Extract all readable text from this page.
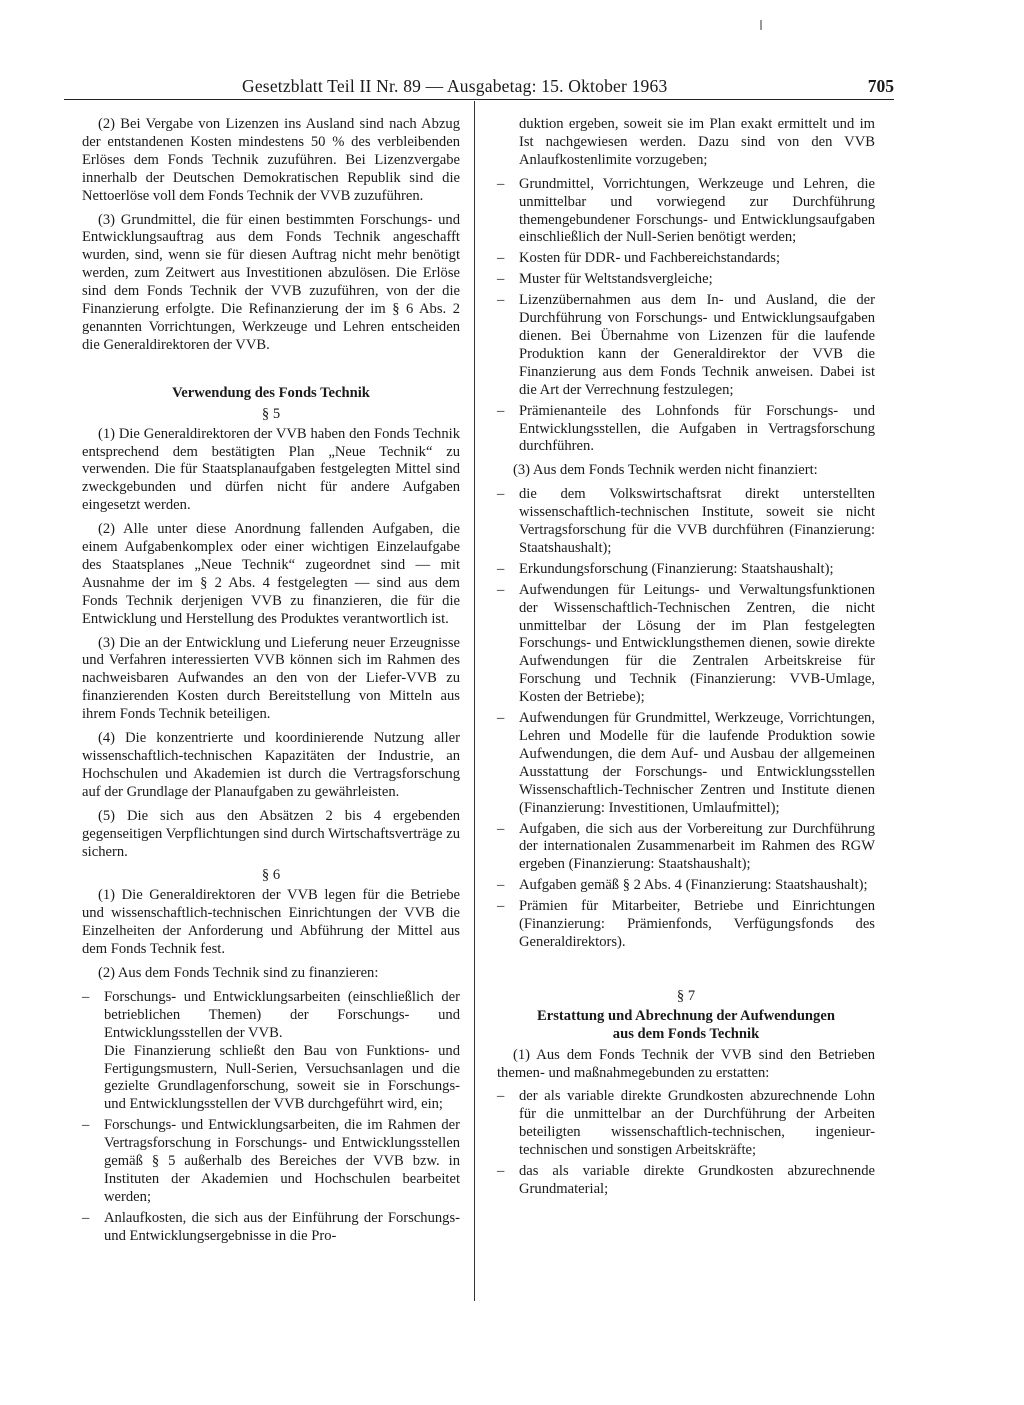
Gesetzblatt Teil II Nr. 89 — Ausgabetag: 15. Oktober 1963	705

(2) Bei Vergabe von Lizenzen ins Ausland sind nach Abzug der entstandenen Kosten mindestens 50 % des verbleibenden Erlöses dem Fonds Technik zuzuführen. Bei Lizenzvergabe innerhalb der Deutschen Demokratischen Republik sind die Nettoerlöse voll dem Fonds Technik der VVB zuzuführen.

(3) Grundmittel, die für einen bestimmten Forschungs- und Entwicklungsauftrag aus dem Fonds Technik angeschafft wurden, sind, wenn sie für diesen Auftrag nicht mehr benötigt werden, zum Zeitwert aus Investitionen abzulösen. Die Erlöse sind dem Fonds Technik der VVB zuzuführen, von der die Finanzierung erfolgte. Die Refinanzierung der im § 6 Abs. 2 genannten Vorrichtungen, Werkzeuge und Lehren entscheiden die Generaldirektoren der VVB.

Verwendung des Fonds Technik

§ 5

(1) Die Generaldirektoren der VVB haben den Fonds Technik entsprechend dem bestätigten Plan „Neue Technik“ zu verwenden. Die für Staatsplanaufgaben festgelegten Mittel sind zweckgebunden und dürfen nicht für andere Aufgaben eingesetzt werden.

(2) Alle unter diese Anordnung fallenden Aufgaben, die einem Aufgabenkomplex oder einer wichtigen Einzelaufgabe des Staatsplanes „Neue Technik“ zugeordnet sind — mit Ausnahme der im § 2 Abs. 4 festgelegten — sind aus dem Fonds Technik derjenigen VVB zu finanzieren, die für die Entwicklung und Herstellung des Produktes verantwortlich ist.

(3) Die an der Entwicklung und Lieferung neuer Erzeugnisse und Verfahren interessierten VVB können sich im Rahmen des nachweisbaren Aufwandes an den von der Liefer-VVB zu finanzierenden Kosten durch Bereitstellung von Mitteln aus ihrem Fonds Technik beteiligen.

(4) Die konzentrierte und koordinierende Nutzung aller wissenschaftlich-technischen Kapazitäten der Industrie, an Hochschulen und Akademien ist durch die Vertragsforschung auf der Grundlage der Planaufgaben zu gewährleisten.

(5) Die sich aus den Absätzen 2 bis 4 ergebenden gegenseitigen Verpflichtungen sind durch Wirtschaftsverträge zu sichern.

§ 6

(1) Die Generaldirektoren der VVB legen für die Betriebe und wissenschaftlich-technischen Einrichtungen der VVB die Einzelheiten der Anforderung und Abführung der Mittel aus dem Fonds Technik fest.

(2) Aus dem Fonds Technik sind zu finanzieren:

– Forschungs- und Entwicklungsarbeiten (einschließlich der betrieblichen Themen) der Forschungs- und Entwicklungsstellen der VVB.
Die Finanzierung schließt den Bau von Funktions- und Fertigungsmustern, Null-Serien, Versuchsanlagen und die gezielte Grundlagenforschung, soweit sie in Forschungs- und Entwicklungsstellen der VVB durchgeführt wird, ein;
– Forschungs- und Entwicklungsarbeiten, die im Rahmen der Vertragsforschung in Forschungs- und Entwicklungsstellen gemäß § 5 außerhalb des Bereiches der VVB bzw. in Instituten der Akademien und Hochschulen bearbeitet werden;
– Anlaufkosten, die sich aus der Einführung der Forschungs- und Entwicklungsergebnisse in die Pro-

duktion ergeben, soweit sie im Plan exakt ermittelt und im Ist nachgewiesen werden. Dazu sind von den VVB Anlaufkostenlimite vorzugeben;

– Grundmittel, Vorrichtungen, Werkzeuge und Lehren, die unmittelbar und vorwiegend zur Durchführung themengebundener Forschungs- und Entwicklungsaufgaben einschließlich der Null-Serien benötigt werden;
– Kosten für DDR- und Fachbereichstandards;
– Muster für Weltstandsvergleiche;
– Lizenzübernahmen aus dem In- und Ausland, die der Durchführung von Forschungs- und Entwicklungsaufgaben dienen. Bei Übernahme von Lizenzen für die laufende Produktion kann der Generaldirektor der VVB die Finanzierung aus dem Fonds Technik anweisen. Dabei ist die Art der Verrechnung festzulegen;
– Prämienanteile des Lohnfonds für Forschungs- und Entwicklungsstellen, die Aufgaben in Vertragsforschung durchführen.

(3) Aus dem Fonds Technik werden nicht finanziert:

– die dem Volkswirtschaftsrat direkt unterstellten wissenschaftlich-technischen Institute, soweit sie nicht Vertragsforschung für die VVB durchführen (Finanzierung: Staatshaushalt);
– Erkundungsforschung (Finanzierung: Staatshaushalt);
– Aufwendungen für Leitungs- und Verwaltungsfunktionen der Wissenschaftlich-Technischen Zentren, die nicht unmittelbar der Lösung der im Plan festgelegten Forschungs- und Entwicklungsthemen dienen, sowie direkte Aufwendungen für die Zentralen Arbeitskreise für Forschung und Technik (Finanzierung: VVB-Umlage, Kosten der Betriebe);
– Aufwendungen für Grundmittel, Werkzeuge, Vorrichtungen, Lehren und Modelle für die laufende Produktion sowie Aufwendungen, die dem Auf- und Ausbau der allgemeinen Ausstattung der Forschungs- und Entwicklungsstellen Wissenschaftlich-Technischer Zentren und Institute dienen (Finanzierung: Investitionen, Umlaufmittel);
– Aufgaben, die sich aus der Vorbereitung zur Durchführung der internationalen Zusammenarbeit im Rahmen des RGW ergeben (Finanzierung: Staatshaushalt);
– Aufgaben gemäß § 2 Abs. 4 (Finanzierung: Staatshaushalt);
– Prämien für Mitarbeiter, Betriebe und Einrichtungen (Finanzierung: Prämienfonds, Verfügungsfonds des Generaldirektors).

§ 7

Erstattung und Abrechnung der Aufwendungen

aus dem Fonds Technik

(1) Aus dem Fonds Technik der VVB sind den Betrieben themen- und maßnahmegebunden zu erstatten:

– der als variable direkte Grundkosten abzurechnende Lohn für die unmittelbar an der Durchführung der Arbeiten beteiligten wissenschaftlich-technischen, ingenieur-technischen und sonstigen Arbeitskräfte;
– das als variable direkte Grundkosten abzurechnende Grundmaterial;
